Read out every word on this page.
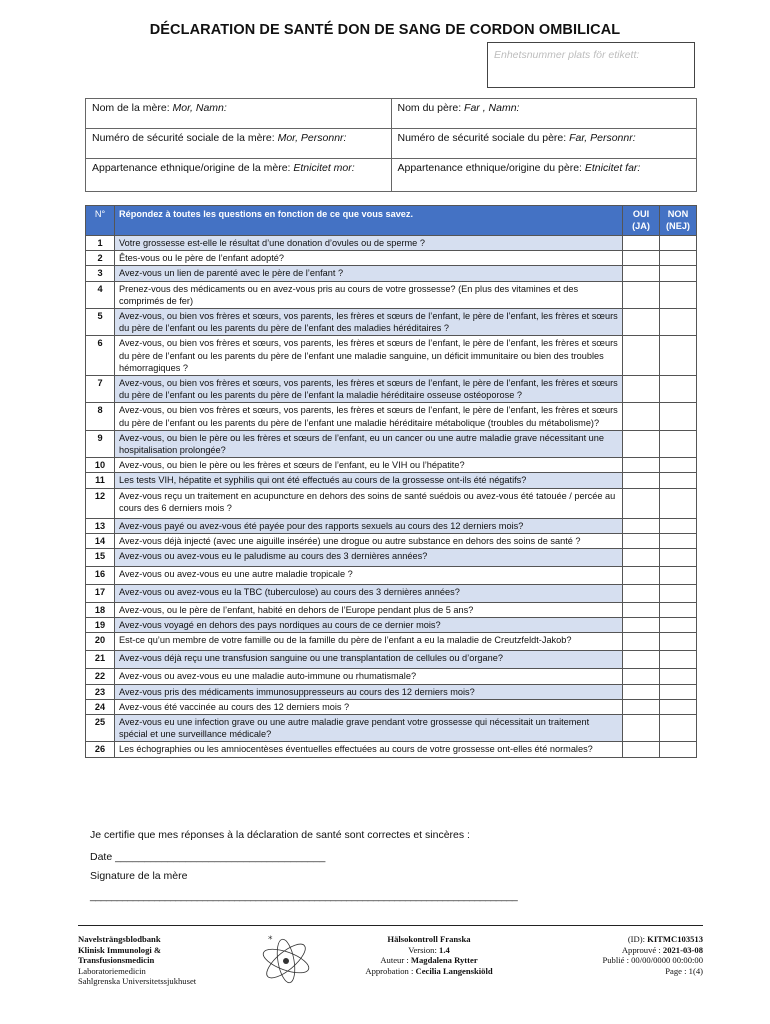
DÉCLARATION DE SANTÉ DON DE SANG DE CORDON OMBILICAL
Enhetsnummer plats för etikett:
Nom de la mère: Mor, Namn:	Nom du père: Far , Namn:
Numéro de sécurité sociale de la mère: Mor, Personnr:	Numéro de sécurité sociale du père: Far, Personnr:
Appartenance ethnique/origine de la mère: Etnicitet mor:	Appartenance ethnique/origine du père: Etnicitet far:
N°	Répondez à toutes les questions en fonction de ce que vous savez.	OUI (JA)	NON (NEJ)
1	Votre grossesse est-elle le résultat d’une donation d’ovules ou de sperme ?		
2	Êtes-vous ou le père de l’enfant adopté?		
3	Avez-vous un lien de parenté avec le père de l’enfant ?		
4	Prenez-vous des médicaments ou en avez-vous pris au cours de votre grossesse? (En plus des vitamines et des comprimés de fer)		
5	Avez-vous, ou bien vos frères et sœurs, vos parents, les frères et sœurs de l’enfant, le père de l’enfant, les frères et sœurs du père de l’enfant ou les parents du père de l’enfant des maladies héréditaires ?		
6	Avez-vous, ou bien vos frères et sœurs, vos parents, les frères et sœurs de l’enfant, le père de l’enfant, les frères et sœurs du père de l’enfant ou les parents du père de l’enfant une maladie sanguine, un déficit immunitaire ou bien des troubles hémorragiques ?		
7	Avez-vous, ou bien vos frères et sœurs, vos parents, les frères et sœurs de l’enfant, le père de l’enfant, les frères et sœurs du père de l’enfant ou les parents du père de l’enfant la maladie héréditaire osseuse ostéoporose ?		
8	Avez-vous, ou bien vos frères et sœurs, vos parents, les frères et sœurs de l’enfant, le père de l’enfant, les frères et sœurs du père de l’enfant ou les parents du père de l’enfant une maladie héréditaire métabolique (troubles du métabolisme)?		
9	Avez-vous, ou bien le père ou les frères et sœurs de l’enfant, eu un cancer ou une autre maladie grave nécessitant une hospitalisation prolongée?		
10	Avez-vous, ou bien le père ou les frères et sœurs de l’enfant, eu le VIH ou l’hépatite?		
11	Les tests VIH, hépatite et syphilis qui ont été effectués au cours de la grossesse ont-ils été négatifs?		
12	Avez-vous reçu un traitement en acupuncture en dehors des soins de santé suédois ou avez-vous été tatouée / percée au cours des 6 derniers mois ?		
13	Avez-vous payé ou avez-vous été payée pour des rapports sexuels au cours des 12 derniers mois?		
14	Avez-vous déjà injecté (avec une aiguille insérée) une drogue ou autre substance en dehors des soins de santé ?		
15	Avez-vous ou avez-vous eu le paludisme au cours des 3 dernières années?		
16	Avez-vous ou avez-vous eu une autre maladie tropicale ?		
17	Avez-vous ou avez-vous eu la TBC (tuberculose) au cours des 3 dernières années?		
18	Avez-vous, ou le père de l’enfant, habité en dehors de l’Europe pendant plus de 5 ans?		
19	Avez-vous voyagé en dehors des pays nordiques au cours de ce dernier mois?		
20	Est-ce qu’un membre de votre famille ou de la famille du père de l’enfant a eu la maladie de Creutzfeldt-Jakob?		
21	Avez-vous déjà reçu une transfusion sanguine ou une transplantation de cellules ou d’organe?		
22	Avez-vous ou avez-vous eu une maladie auto-immune ou rhumatismale?		
23	Avez-vous pris des médicaments immunosuppresseurs au cours des 12 derniers mois?		
24	Avez-vous été vaccinée au cours des 12 derniers mois ?		
25	Avez-vous eu une infection grave ou une autre maladie grave pendant votre grossesse qui nécessitait un traitement spécial et une surveillance médicale?		
26	Les échographies ou les amniocentèses éventuelles effectuées au cours de votre grossesse ont-elles été normales?		
Je certifie que mes réponses à la déclaration de santé sont correctes et sincères :
Date ____________________________________
Signature de la mère
________________________________________________________________________________
Navelsträngsblodbank
Klinisk Immunologi &
Transfusionsmedicin
Laboratoriemedicin
Sahlgrenska Universitetssjukhuset
*	Hälsokontroll Franska
Version: 1.4
Auteur : Magdalena Rytter
Approbation : Cecilia Langenskiöld
(ID): KITMC103513
Approuvé : 2021-03-08
Publié : 00/00/0000 00:00:00
Page : 1(4)
